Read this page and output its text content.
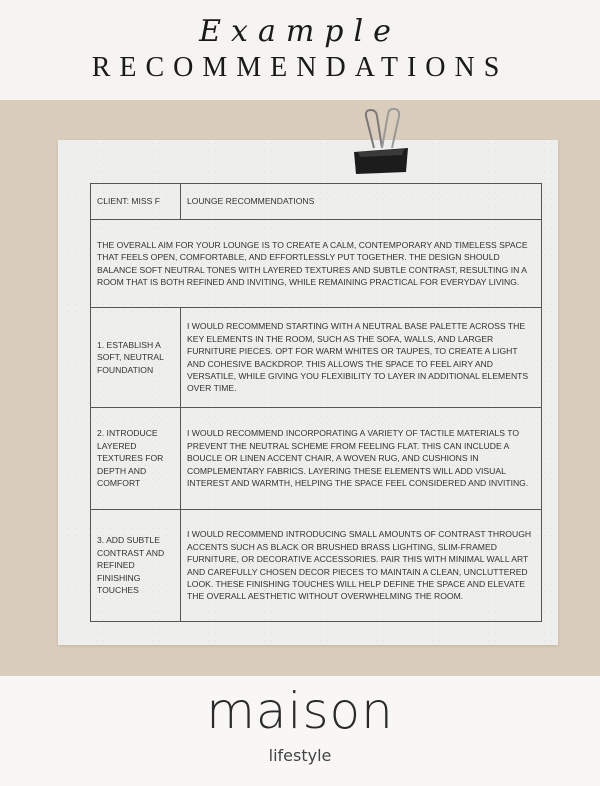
Example
RECOMMENDATIONS
CLIENT: MISS F	LOUNGE RECOMMENDATIONS
THE OVERALL AIM FOR YOUR LOUNGE IS TO CREATE A CALM, CONTEMPORARY AND TIMELESS SPACE THAT FEELS OPEN, COMFORTABLE, AND EFFORTLESSLY PUT TOGETHER. THE DESIGN SHOULD BALANCE SOFT NEUTRAL TONES WITH LAYERED TEXTURES AND SUBTLE CONTRAST, RESULTING IN A ROOM THAT IS BOTH REFINED AND INVITING, WHILE REMAINING PRACTICAL FOR EVERYDAY LIVING.	
1. ESTABLISH A SOFT, NEUTRAL FOUNDATION	I WOULD RECOMMEND STARTING WITH A NEUTRAL BASE PALETTE ACROSS THE KEY ELEMENTS IN THE ROOM, SUCH AS THE SOFA, WALLS, AND LARGER FURNITURE PIECES. OPT FOR WARM WHITES OR TAUPES, TO CREATE A LIGHT AND COHESIVE BACKDROP. THIS ALLOWS THE SPACE TO FEEL AIRY AND VERSATILE, WHILE GIVING YOU FLEXIBILITY TO LAYER IN ADDITIONAL ELEMENTS OVER TIME.
2. INTRODUCE LAYERED TEXTURES FOR DEPTH AND COMFORT	I WOULD RECOMMEND INCORPORATING A VARIETY OF TACTILE MATERIALS TO PREVENT THE NEUTRAL SCHEME FROM FEELING FLAT. THIS CAN INCLUDE A BOUCLE OR LINEN ACCENT CHAIR, A WOVEN RUG, AND CUSHIONS IN COMPLEMENTARY FABRICS. LAYERING THESE ELEMENTS WILL ADD VISUAL INTEREST AND WARMTH, HELPING THE SPACE FEEL CONSIDERED AND INVITING.
3. ADD SUBTLE CONTRAST AND REFINED FINISHING TOUCHES	I WOULD RECOMMEND INTRODUCING SMALL AMOUNTS OF CONTRAST THROUGH ACCENTS SUCH AS BLACK OR BRUSHED BRASS LIGHTING, SLIM-FRAMED FURNITURE, OR DECORATIVE ACCESSORIES. PAIR THIS WITH MINIMAL WALL ART AND CAREFULLY CHOSEN DECOR PIECES TO MAINTAIN A CLEAN, UNCLUTTERED LOOK. THESE FINISHING TOUCHES WILL HELP DEFINE THE SPACE AND ELEVATE THE OVERALL AESTHETIC WITHOUT OVERWHELMING THE ROOM.
maison
lifestyle
